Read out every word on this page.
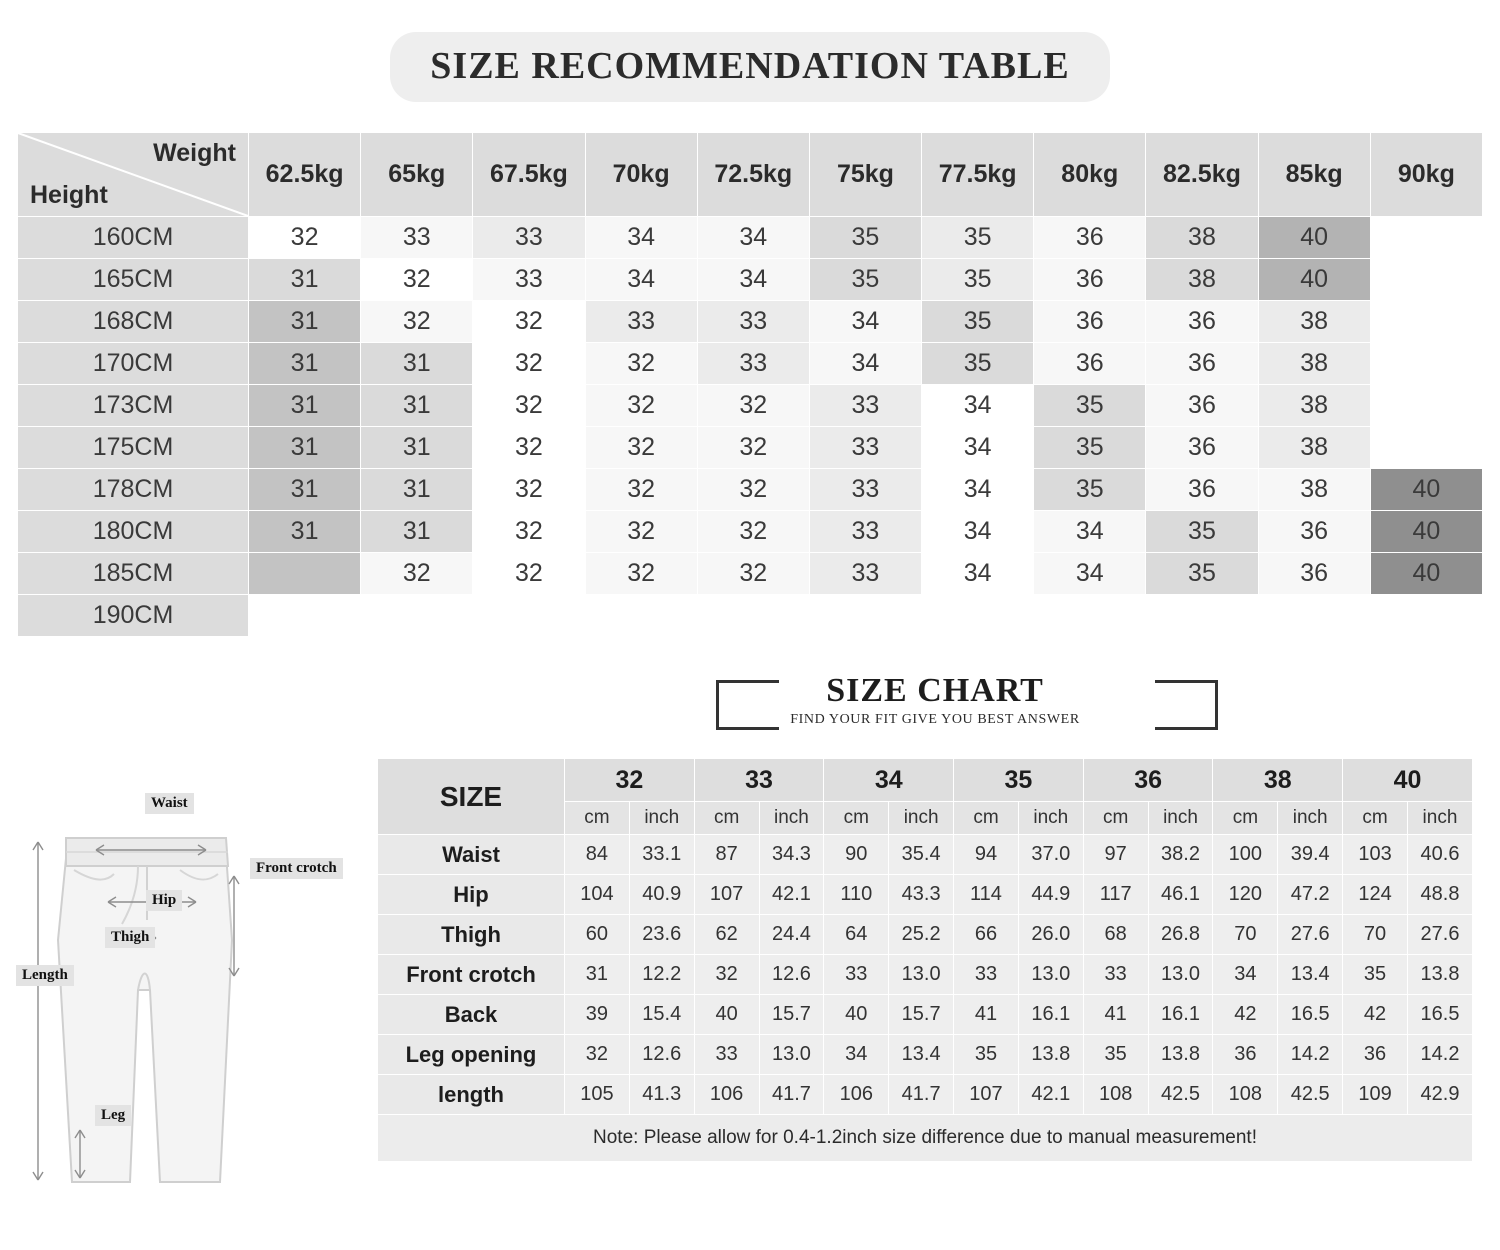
SIZE RECOMMENDATION TABLE
Weight
Height	62.5kg	65kg	67.5kg	70kg	72.5kg	75kg	77.5kg	80kg	82.5kg	85kg	90kg
160CM	32	33	33	34	34	35	35	36	38	40	
165CM	31	32	33	34	34	35	35	36	38	40	
168CM	31	32	32	33	33	34	35	36	36	38	
170CM	31	31	32	32	33	34	35	36	36	38	
173CM	31	31	32	32	32	33	34	35	36	38	
175CM	31	31	32	32	32	33	34	35	36	38	
178CM	31	31	32	32	32	33	34	35	36	38	40
180CM	31	31	32	32	32	33	34	34	35	36	40
185CM		32	32	32	32	33	34	34	35	36	40
190CM											
SIZE CHART
FIND YOUR FIT GIVE YOU BEST ANSWER
Waist
Front crotch
Hip
Thigh
Length
Leg
SIZE	32		33		34		35		36		38		40	
	cm	inch	cm	inch	cm	inch	cm	inch	cm	inch	cm	inch	cm	inch
Waist	84	33.1	87	34.3	90	35.4	94	37.0	97	38.2	100	39.4	103	40.6
Hip	104	40.9	107	42.1	110	43.3	114	44.9	117	46.1	120	47.2	124	48.8
Thigh	60	23.6	62	24.4	64	25.2	66	26.0	68	26.8	70	27.6	70	27.6
Front crotch	31	12.2	32	12.6	33	13.0	33	13.0	33	13.0	34	13.4	35	13.8
Back	39	15.4	40	15.7	40	15.7	41	16.1	41	16.1	42	16.5	42	16.5
Leg opening	32	12.6	33	13.0	34	13.4	35	13.8	35	13.8	36	14.2	36	14.2
length	105	41.3	106	41.7	106	41.7	107	42.1	108	42.5	108	42.5	109	42.9
Note: Please allow for 0.4-1.2inch size difference due to manual measurement!														
